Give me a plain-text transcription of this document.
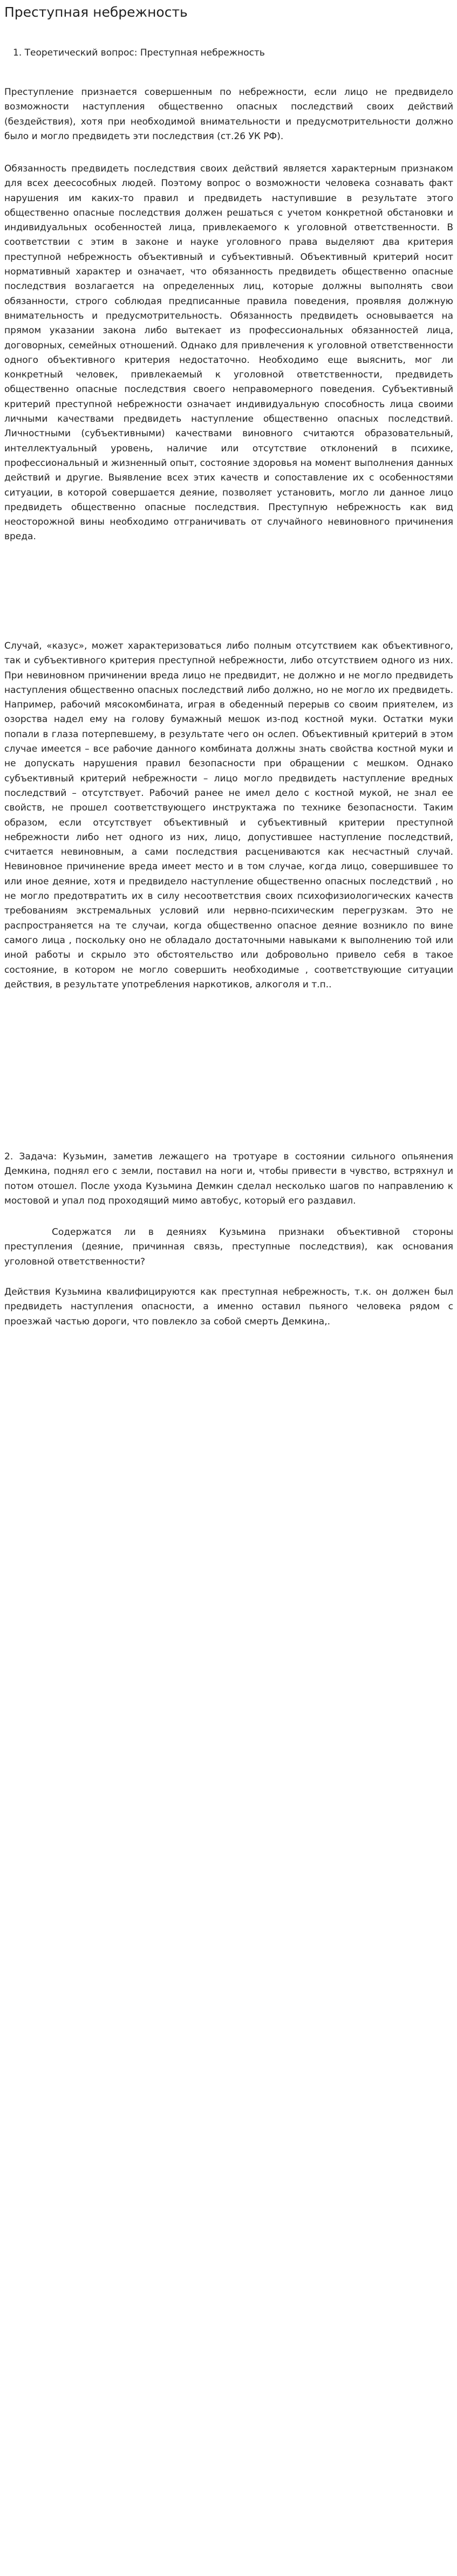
Преступная небрежность
1. Теоретический вопрос: Преступная небрежность

Преступление признается совершенным по небрежности, если лицо не предвидело возможности наступления общественно опасных последствий своих действий (бездействия), хотя при необходимой внимательности и предусмотрительности должно было и могло предвидеть эти последствия (ст.26 УК РФ).

Обязанность предвидеть последствия своих действий является характерным признаком для всех деесособных людей. Поэтому вопрос о возможности человека сознавать факт нарушения им каких-то правил и предвидеть наступившие в результате этого общественно опасные последствия должен решаться с учетом конкретной обстановки и индивидуальных особенностей лица, привлекаемого к уголовной ответственности. В соответствии с этим в законе и науке уголовного права выделяют два критерия преступной небрежность объективный и субъективный. Объективный критерий носит нормативный характер и означает, что обязанность предвидеть общественно опасные последствия возлагается на определенных лиц, которые должны выполнять свои обязанности, строго соблюдая предписанные правила поведения, проявляя должную внимательность и предусмотрительность. Обязанность предвидеть основывается на прямом указании закона либо вытекает из профессиональных обязанностей лица, договорных, семейных отношений. Однако для привлечения к уголовной ответственности одного объективного критерия недостаточно. Необходимо еще выяснить, мог ли конкретный человек, привлекаемый к уголовной ответственности, предвидеть общественно опасные последствия своего неправомерного поведения. Субъективный критерий преступной небрежности означает индивидуальную способность лица своими личными качествами предвидеть наступление общественно опасных последствий. Личностными (субъективными) качествами виновного считаются образовательный, интеллектуальный уровень, наличие или отсутствие отклонений в психике, профессиональный и жизненный опыт, состояние здоровья на момент выполнения данных действий и другие. Выявление всех этих качеств и сопоставление их с особенностями ситуации, в которой совершается деяние, позволяет установить, могло ли данное лицо предвидеть общественно опасные последствия. Преступную небрежность как вид неосторожной вины необходимо отграничивать от случайного невиновного причинения вреда.

Случай, «казус», может характеризоваться либо полным отсутствием как объективного, так и субъективного критерия преступной небрежности, либо отсутствием одного из них. При невиновном причинении вреда лицо не предвидит, не должно и не могло предвидеть наступления общественно опасных последствий либо должно, но не могло их предвидеть. Например, рабочий мясокомбината, играя в обеденный перерыв со своим приятелем, из озорства надел ему на голову бумажный мешок из-под костной муки. Остатки муки попали в глаза потерпевшему, в результате чего он ослеп. Объективный критерий в этом случае имеется – все рабочие данного комбината должны знать свойства костной муки и не допускать нарушения правил безопасности при обращении с мешком. Однако субъективный критерий небрежности – лицо могло предвидеть наступление вредных последствий – отсутствует. Рабочий ранее не имел дело с костной мукой, не знал ее свойств, не прошел соответствующего инструктажа по технике безопасности. Таким образом, если отсутствует объективный и субъективный критерии преступной небрежности либо нет одного из них, лицо, допустившее наступление последствий, считается невиновным, а сами последствия расцениваются как несчастный случай. Невиновное причинение вреда имеет место и в том случае, когда лицо, совершившее то или иное деяние, хотя и предвидело наступление общественно опасных последствий , но не могло предотвратить их в силу несоответствия своих психофизиологических качеств требованиям экстремальных условий или нервно-психическим перегрузкам. Это не распространяется на те случаи, когда общественно опасное деяние возникло по вине самого лица , поскольку оно не обладало достаточными навыками к выполнению той или иной работы и скрыло это обстоятельство или добровольно привело себя в такое состояние, в котором не могло совершить необходимые , соответствующие ситуации действия, в результате употребления наркотиков, алкоголя и т.п..

2. Задача: Кузьмин, заметив лежащего на тротуаре в состоянии сильного опьянения Демкина, поднял его с земли, поставил на ноги и, чтобы привести в чувство, встряхнул и потом отошел. После ухода Кузьмина Демкин сделал несколько шагов по направлению к мостовой и упал под проходящий мимо автобус, который его раздавил.

Содержатся ли в деяниях Кузьмина признаки объективной стороны преступления (деяние, причинная связь, преступные последствия), как основания уголовной ответственности?

Действия Кузьмина квалифицируются как преступная небрежность, т.к. он должен был предвидеть наступления опасности, а именно оставил пьяного человека рядом с проезжай частью дороги, что повлекло за собой смерть Демкина,.
